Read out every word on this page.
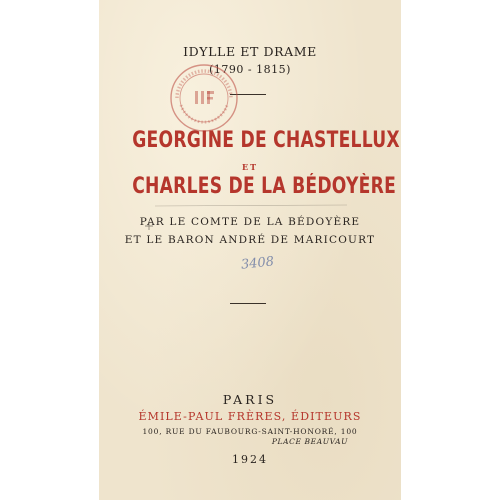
IDYLLE ET DRAME
(1790 - 1815)
GEORGINE DE CHASTELLUX
ET
CHARLES DE LA BÉDOYÈRE
PAR LE COMTE DE LA BÉDOYÈRE
ET LE BARON ANDRÉ DE MARICOURT
3408
PARIS
ÉMILE-PAUL FRÈRES, ÉDITEURS
100, RUE DU FAUBOURG-SAINT-HONORÉ, 100
PLACE BEAUVAU
1924
